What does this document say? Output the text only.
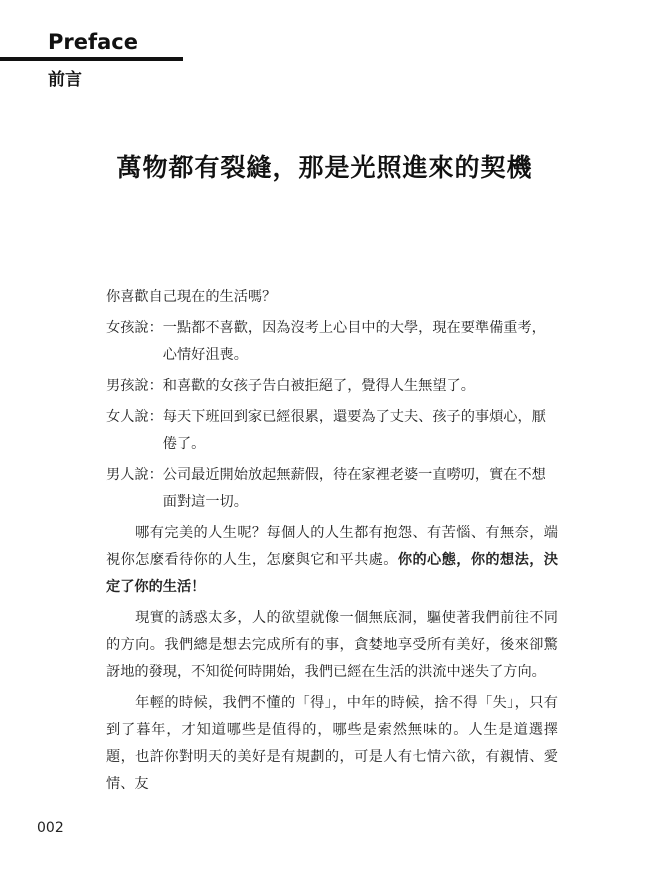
Preface
前言
萬物都有裂縫，那是光照進來的契機

你喜歡自己現在的生活嗎？

女孩說： 一點都不喜歡，因為沒考上心目中的大學，現在要準備重考，心情好沮喪。
男孩說： 和喜歡的女孩子告白被拒絕了，覺得人生無望了。
女人說： 每天下班回到家已經很累，還要為了丈夫、孩子的事煩心，厭倦了。
男人說： 公司最近開始放起無薪假，待在家裡老婆一直嘮叨，實在不想面對這一切。

　　哪有完美的人生呢？每個人的人生都有抱怨、有苦惱、有無奈，端視你怎麼看待你的人生，怎麼與它和平共處。你的心態，你的想法，決定了你的生活！

　　現實的誘惑太多，人的欲望就像一個無底洞，驅使著我們前往不同的方向。我們總是想去完成所有的事，貪婪地享受所有美好，後來卻驚訝地的發現，不知從何時開始，我們已經在生活的洪流中迷失了方向。

　　年輕的時候，我們不懂的「得」，中年的時候，捨不得「失」，只有到了暮年，才知道哪些是值得的，哪些是索然無味的。人生是道選擇題，也許你對明天的美好是有規劃的，可是人有七情六欲，有親情、愛情、友

002
